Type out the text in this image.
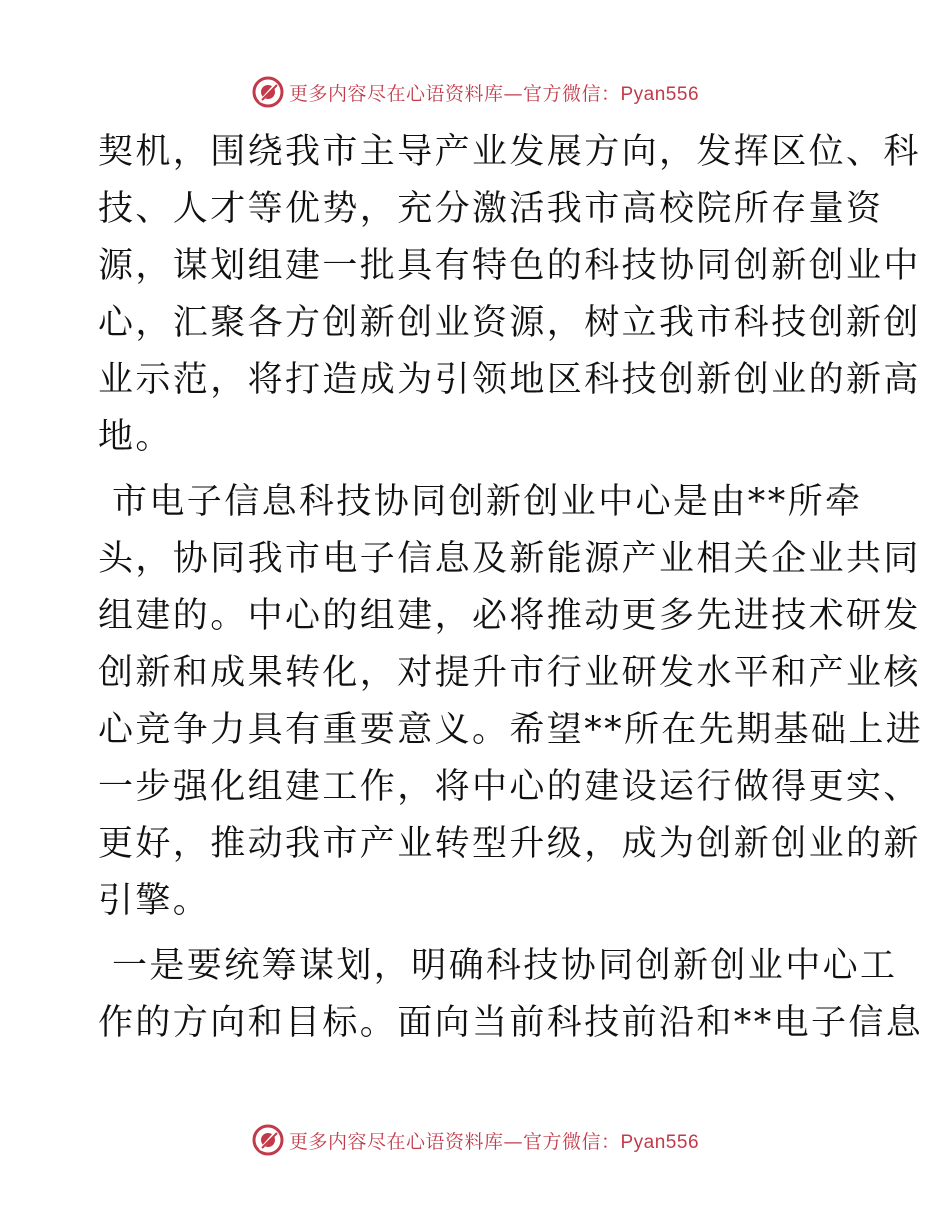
更多内容尽在心语资料库—官方微信：Pyan556

契机，围绕我市主导产业发展方向，发挥区位、科
技、人才等优势，充分激活我市高校院所存量资
源，谋划组建一批具有特色的科技协同创新创业中
心，汇聚各方创新创业资源，树立我市科技创新创
业示范，将打造成为引领地区科技创新创业的新高
地。

市电子信息科技协同创新创业中心是由**所牵
头，协同我市电子信息及新能源产业相关企业共同
组建的。中心的组建，必将推动更多先进技术研发
创新和成果转化，对提升市行业研发水平和产业核
心竞争力具有重要意义。希望**所在先期基础上进
一步强化组建工作，将中心的建设运行做得更实、
更好，推动我市产业转型升级，成为创新创业的新
引擎。

一是要统筹谋划，明确科技协同创新创业中心工
作的方向和目标。面向当前科技前沿和**电子信息

更多内容尽在心语资料库—官方微信：Pyan556
